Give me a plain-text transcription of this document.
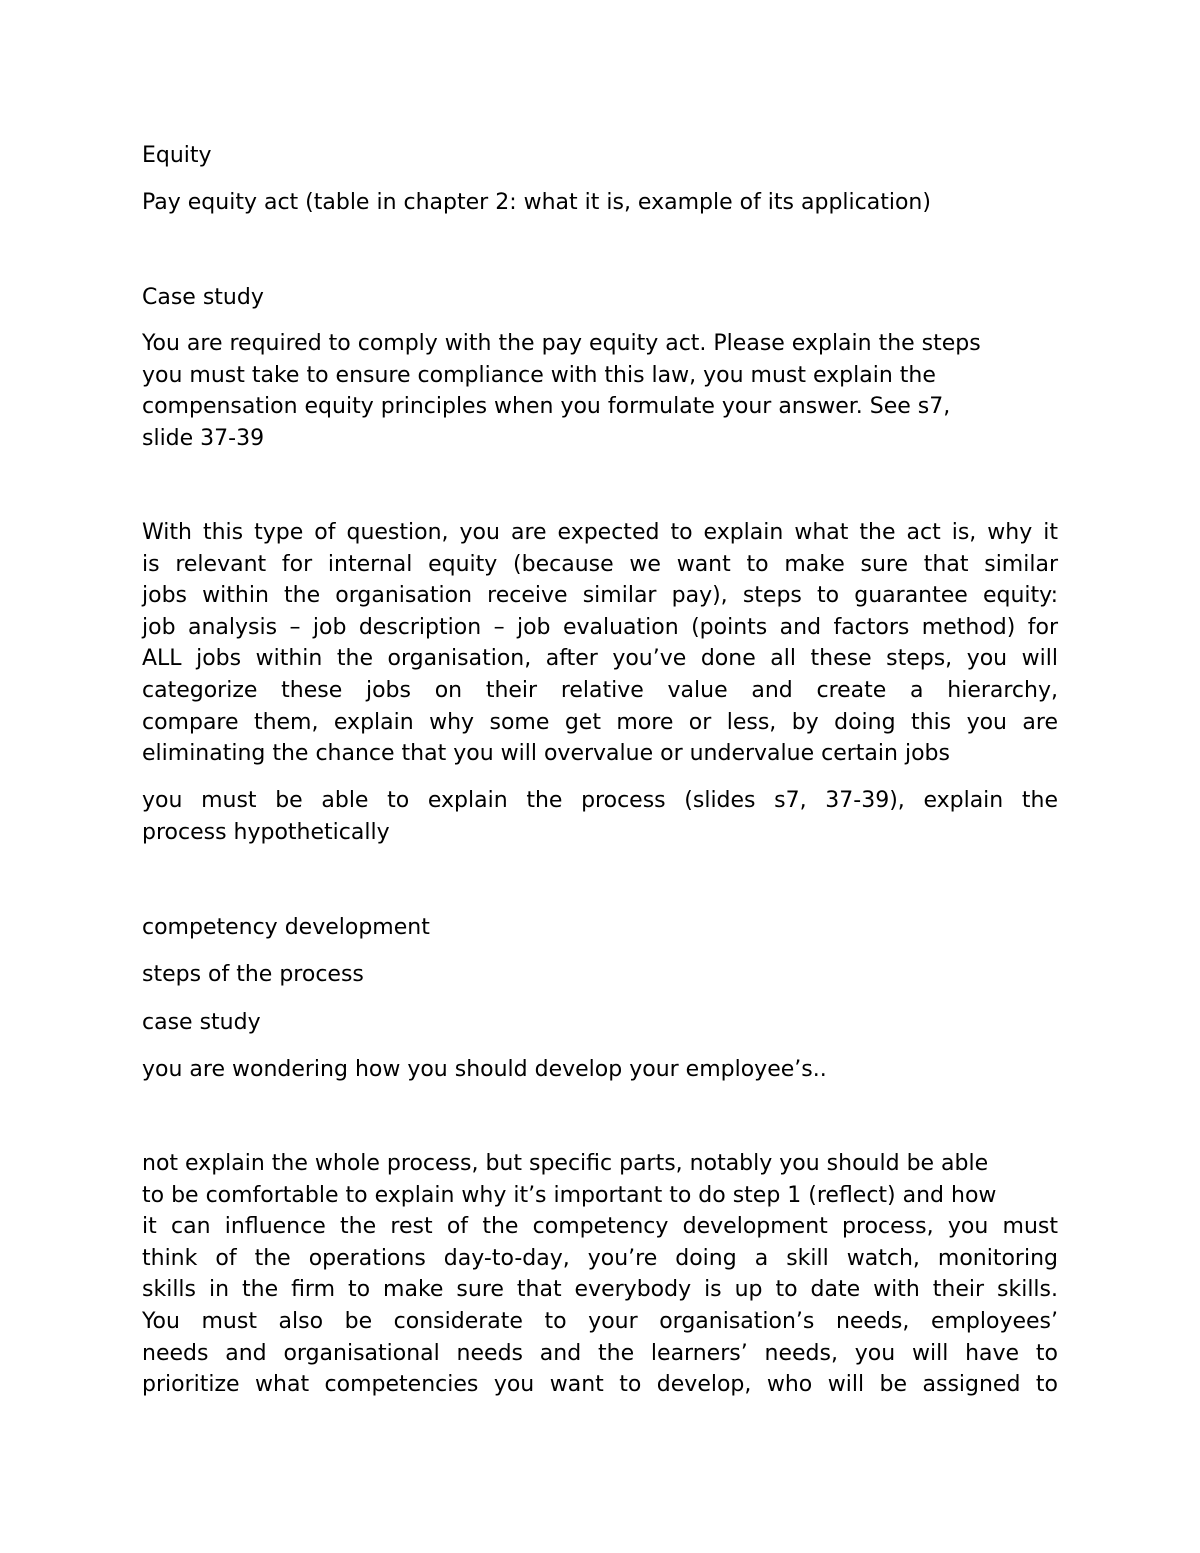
Equity

Pay equity act (table in chapter 2: what it is, example of its application)

Case study

You are required to comply with the pay equity act. Please explain the steps
you must take to ensure compliance with this law, you must explain the
compensation equity principles when you formulate your answer. See s7,
slide 37-39
With this type of question, you are expected to explain what the act is, why it
is relevant for internal equity (because we want to make sure that similar
jobs within the organisation receive similar pay), steps to guarantee equity:
job analysis – job description – job evaluation (points and factors method) for
ALL jobs within the organisation, after you’ve done all these steps, you will
categorize these jobs on their relative value and create a hierarchy,
compare them, explain why some get more or less, by doing this you are
eliminating the chance that you will overvalue or undervalue certain jobs
you must be able to explain the process (slides s7, 37-39), explain the
process hypothetically

competency development

steps of the process

case study

you are wondering how you should develop your employee’s..

not explain the whole process, but specific parts, notably you should be able
to be comfortable to explain why it’s important to do step 1 (reflect) and how
it can influence the rest of the competency development process, you must
think of the operations day-to-day, you’re doing a skill watch, monitoring
skills in the firm to make sure that everybody is up to date with their skills.
You must also be considerate to your organisation’s needs, employees’
needs and organisational needs and the learners’ needs, you will have to
prioritize what competencies you want to develop, who will be assigned to
